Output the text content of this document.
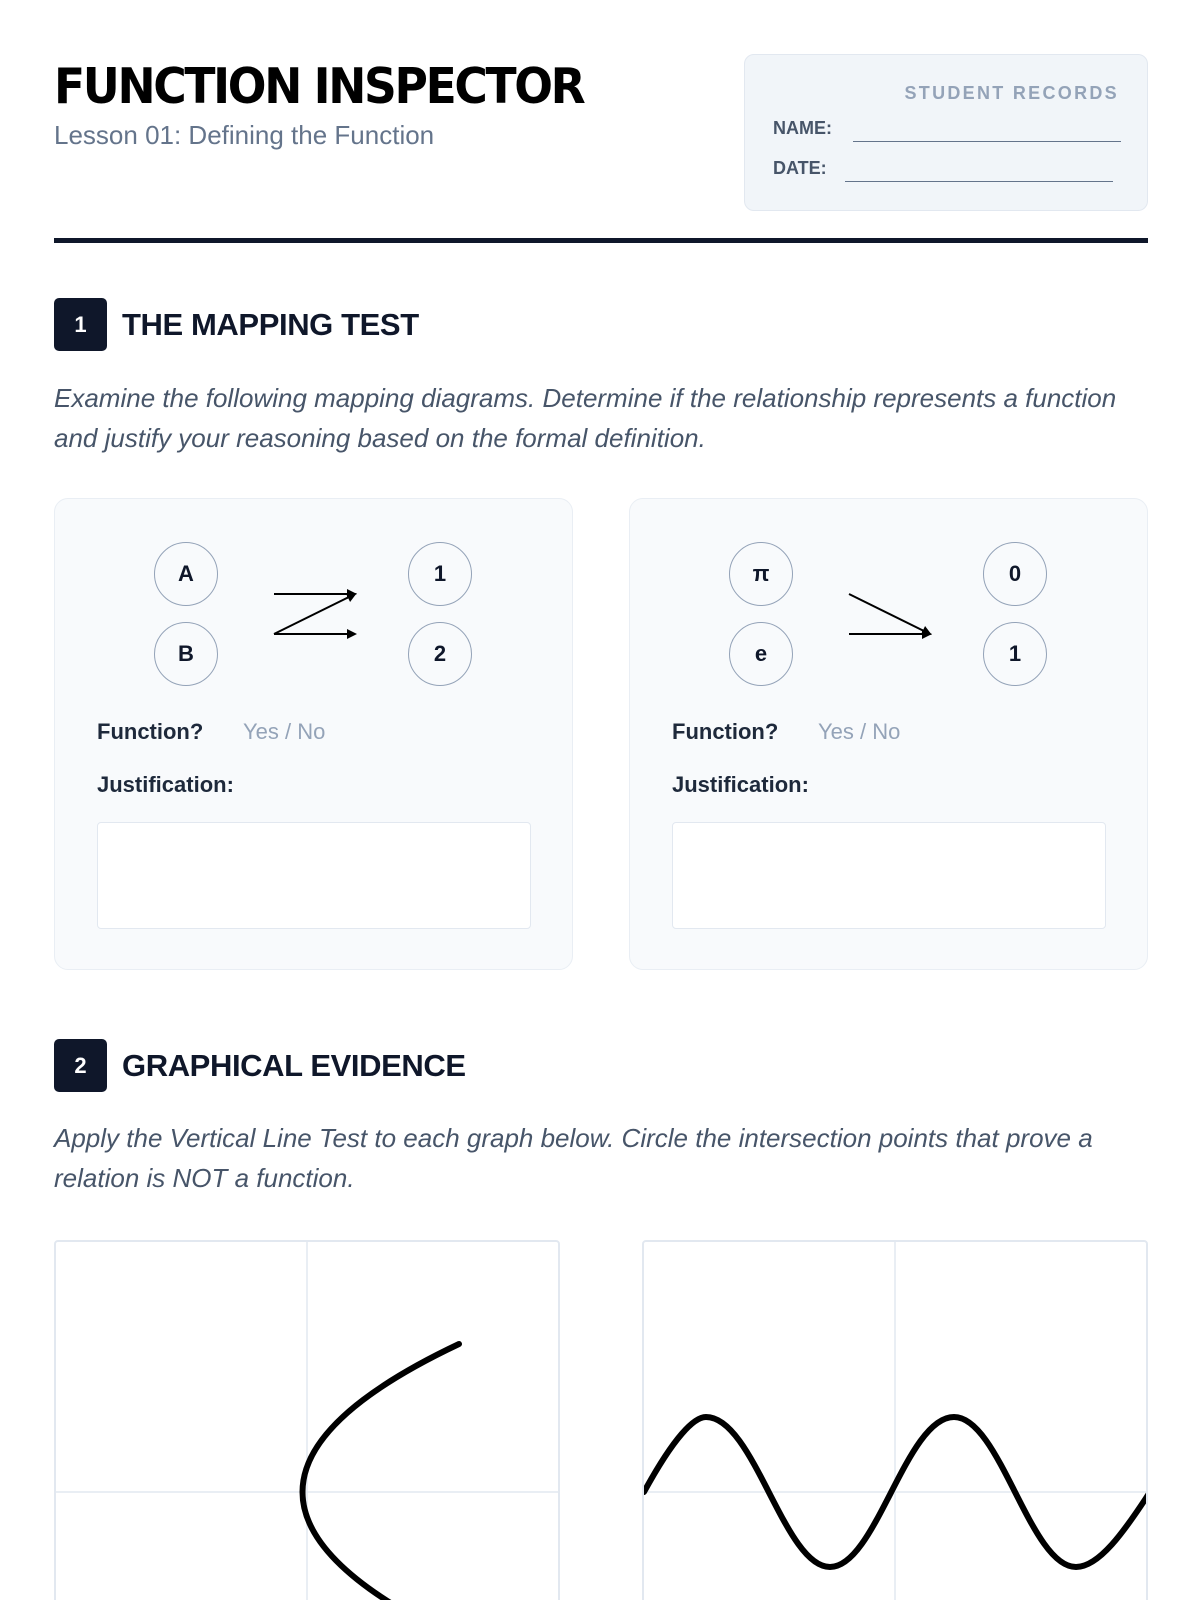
FUNCTION INSPECTOR
Lesson 01: Defining the Function
STUDENT RECORDS
NAME:
DATE:
1	THE MAPPING TEST
Examine the following mapping diagrams. Determine if the relationship represents a function and justify your reasoning based on the formal definition.
A
B
1
2
Function? Yes / No
Justification:
π
e
0
1
Function? Yes / No
Justification:
2	GRAPHICAL EVIDENCE
Apply the Vertical Line Test to each graph below. Circle the intersection points that prove a relation is NOT a function.
